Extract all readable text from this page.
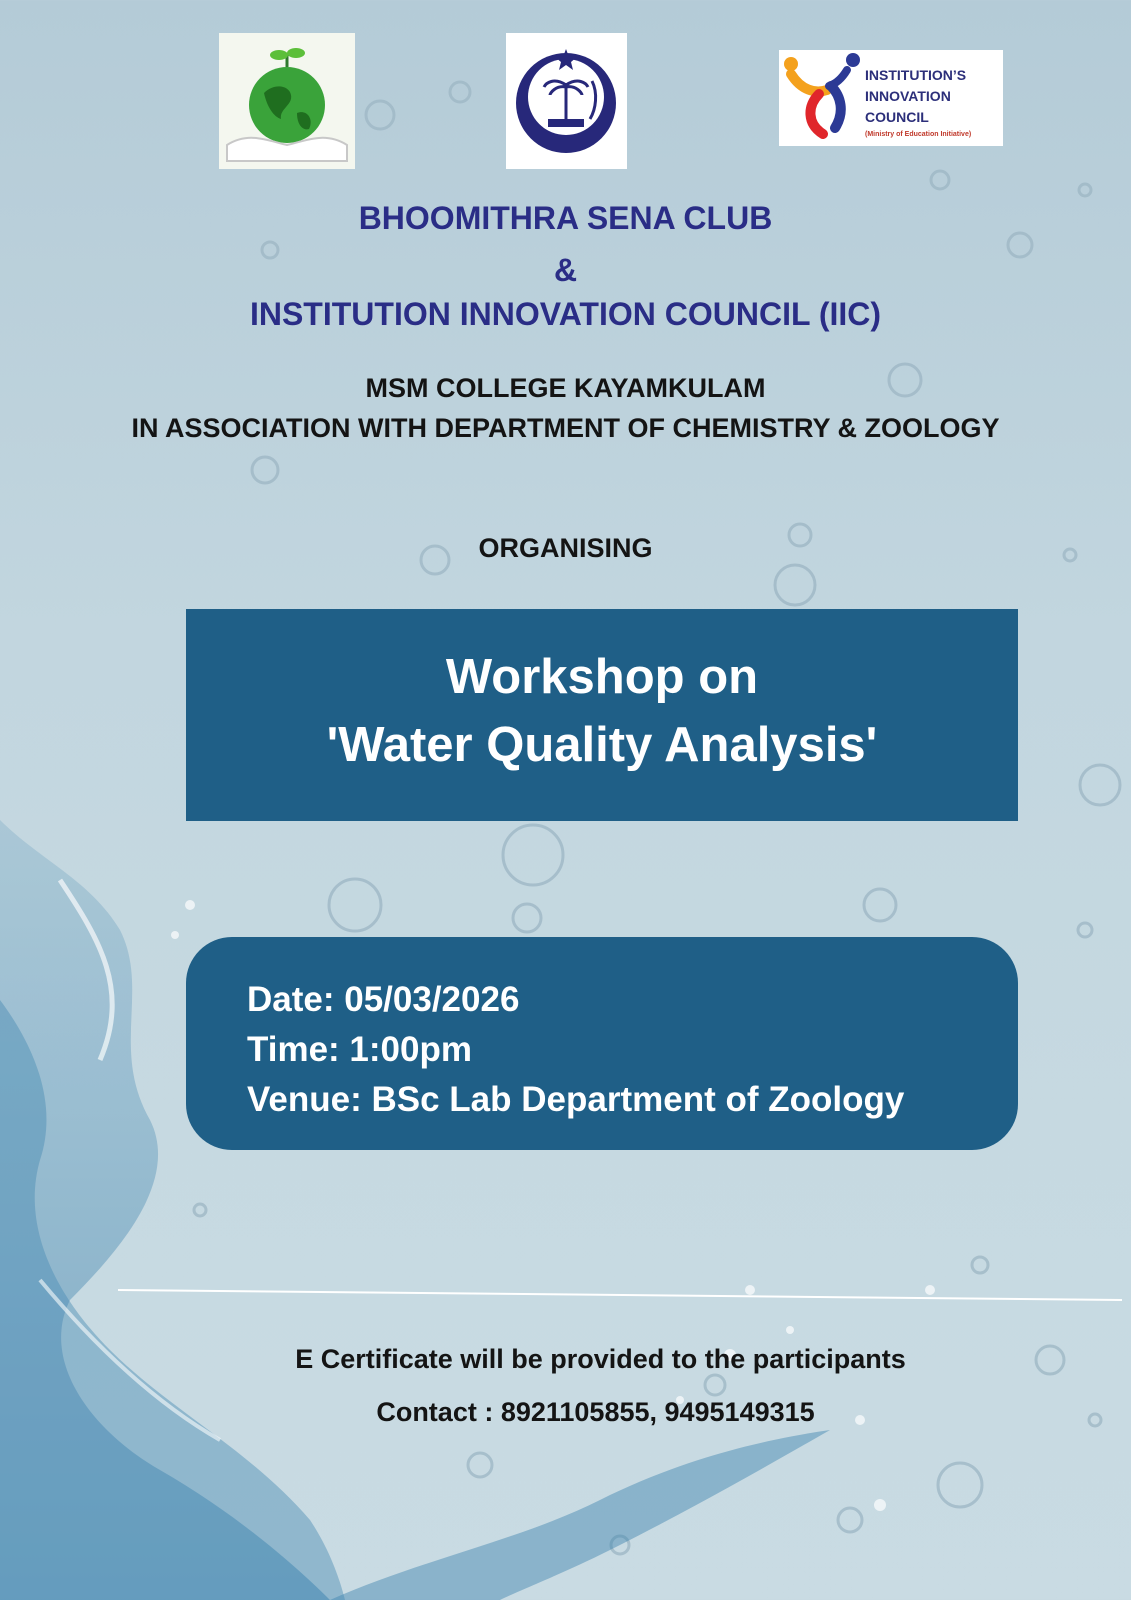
INSTITUTION’S
INNOVATION
COUNCIL
(Ministry of Education Initiative)
BHOOMITHRA SENA CLUB
&
INSTITUTION INNOVATION COUNCIL (IIC)
MSM COLLEGE KAYAMKULAM
IN ASSOCIATION WITH DEPARTMENT OF CHEMISTRY & ZOOLOGY
ORGANISING
Workshop on
'Water Quality Analysis'
Date: 05/03/2026
Time: 1:00pm
Venue: BSc Lab Department of Zoology
E Certificate will be provided to the participants
Contact : 8921105855, 9495149315
